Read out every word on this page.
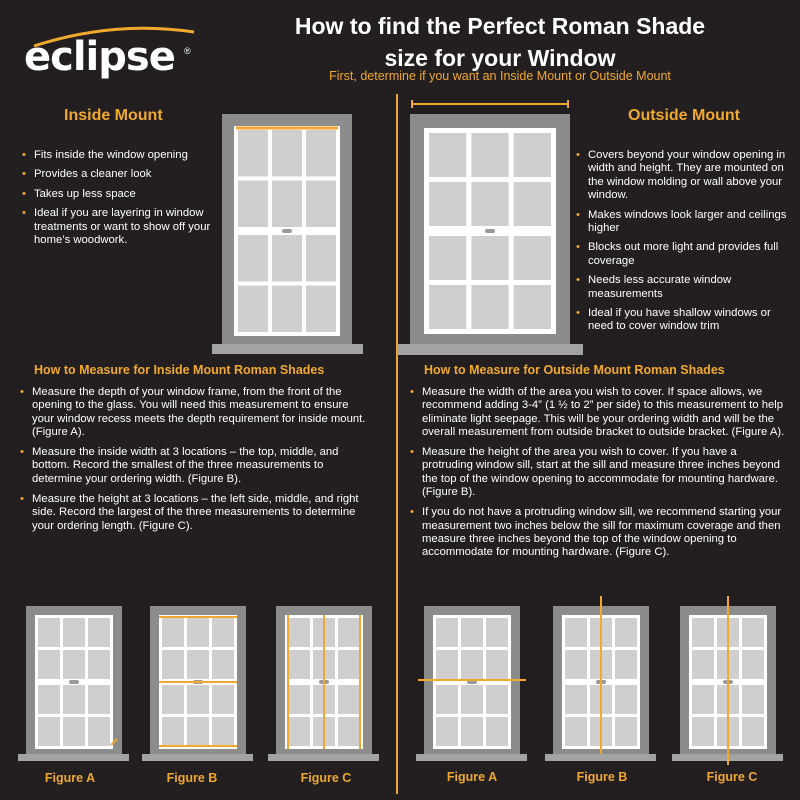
eclipse ®
How to find the Perfect Roman Shade
size for your Window
First, determine if you want an Inside Mount or Outside Mount
Inside Mount
• Fits inside the window opening
• Provides a cleaner look
• Takes up less space
• Ideal if you are layering in window treatments or want to show off your home’s woodwork.
Outside Mount
• Covers beyond your window opening in width and height. They are mounted on the window molding or wall above your window.
• Makes windows look larger and ceilings higher
• Blocks out more light and provides full coverage
• Needs less accurate window measurements
• Ideal if you have shallow windows or need to cover window trim
How to Measure for Inside Mount Roman Shades
• Measure the depth of your window frame, from the front of the opening to the glass. You will need this measurement to ensure your window recess meets the depth requirement for inside mount. (Figure A).
• Measure the inside width at 3 locations – the top, middle, and bottom. Record the smallest of the three measurements to determine your ordering width. (Figure B).
• Measure the height at 3 locations – the left side, middle, and right side. Record the largest of the three measurements to determine your ordering length. (Figure C).
How to Measure for Outside Mount Roman Shades
• Measure the width of the area you wish to cover. If space allows, we recommend adding 3-4” (1 ½ to 2” per side) to this measurement to help eliminate light seepage. This will be your ordering width and will be the overall measurement from outside bracket to outside bracket. (Figure A).
• Measure the height of the area you wish to cover. If you have a protruding window sill, start at the sill and measure three inches beyond the top of the window opening to accommodate for mounting hardware. (Figure B).
• If you do not have a protruding window sill, we recommend starting your measurement two inches below the sill for maximum coverage and then measure three inches beyond the top of the window opening to accommodate for mounting hardware. (Figure C).
Figure A	Figure B	Figure C	Figure A	Figure B	Figure C
